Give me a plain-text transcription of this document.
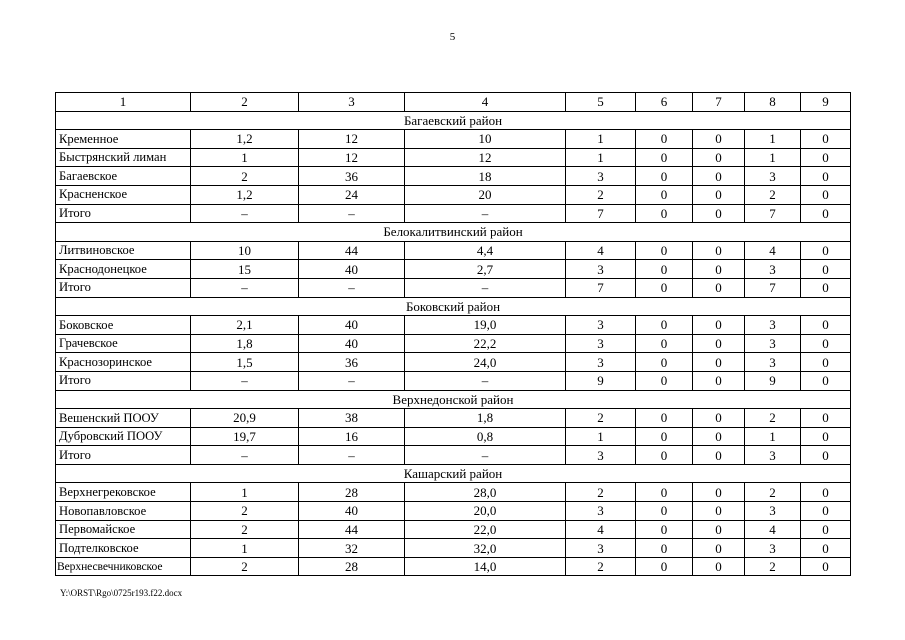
5
1	2	3	4	5	6	7	8	9
Багаевский район								
Кременное	1,2	12	10	1	0	0	1	0
Быстрянский лиман	1	12	12	1	0	0	1	0
Багаевское	2	36	18	3	0	0	3	0
Красненское	1,2	24	20	2	0	0	2	0
Итого	–	–	–	7	0	0	7	0
Белокалитвинский район								
Литвиновское	10	44	4,4	4	0	0	4	0
Краснодонецкое	15	40	2,7	3	0	0	3	0
Итого	–	–	–	7	0	0	7	0
Боковский район								
Боковское	2,1	40	19,0	3	0	0	3	0
Грачевское	1,8	40	22,2	3	0	0	3	0
Краснозоринское	1,5	36	24,0	3	0	0	3	0
Итого	–	–	–	9	0	0	9	0
Верхнедонской район								
Вешенский ПООУ	20,9	38	1,8	2	0	0	2	0
Дубровский ПООУ	19,7	16	0,8	1	0	0	1	0
Итого	–	–	–	3	0	0	3	0
Кашарский район								
Верхнегрековское	1	28	28,0	2	0	0	2	0
Новопавловское	2	40	20,0	3	0	0	3	0
Первомайское	2	44	22,0	4	0	0	4	0
Подтелковское	1	32	32,0	3	0	0	3	0
Верхнесвечниковское	2	28	14,0	2	0	0	2	0
Y:\ORST\Rgo\0725r193.f22.docx
